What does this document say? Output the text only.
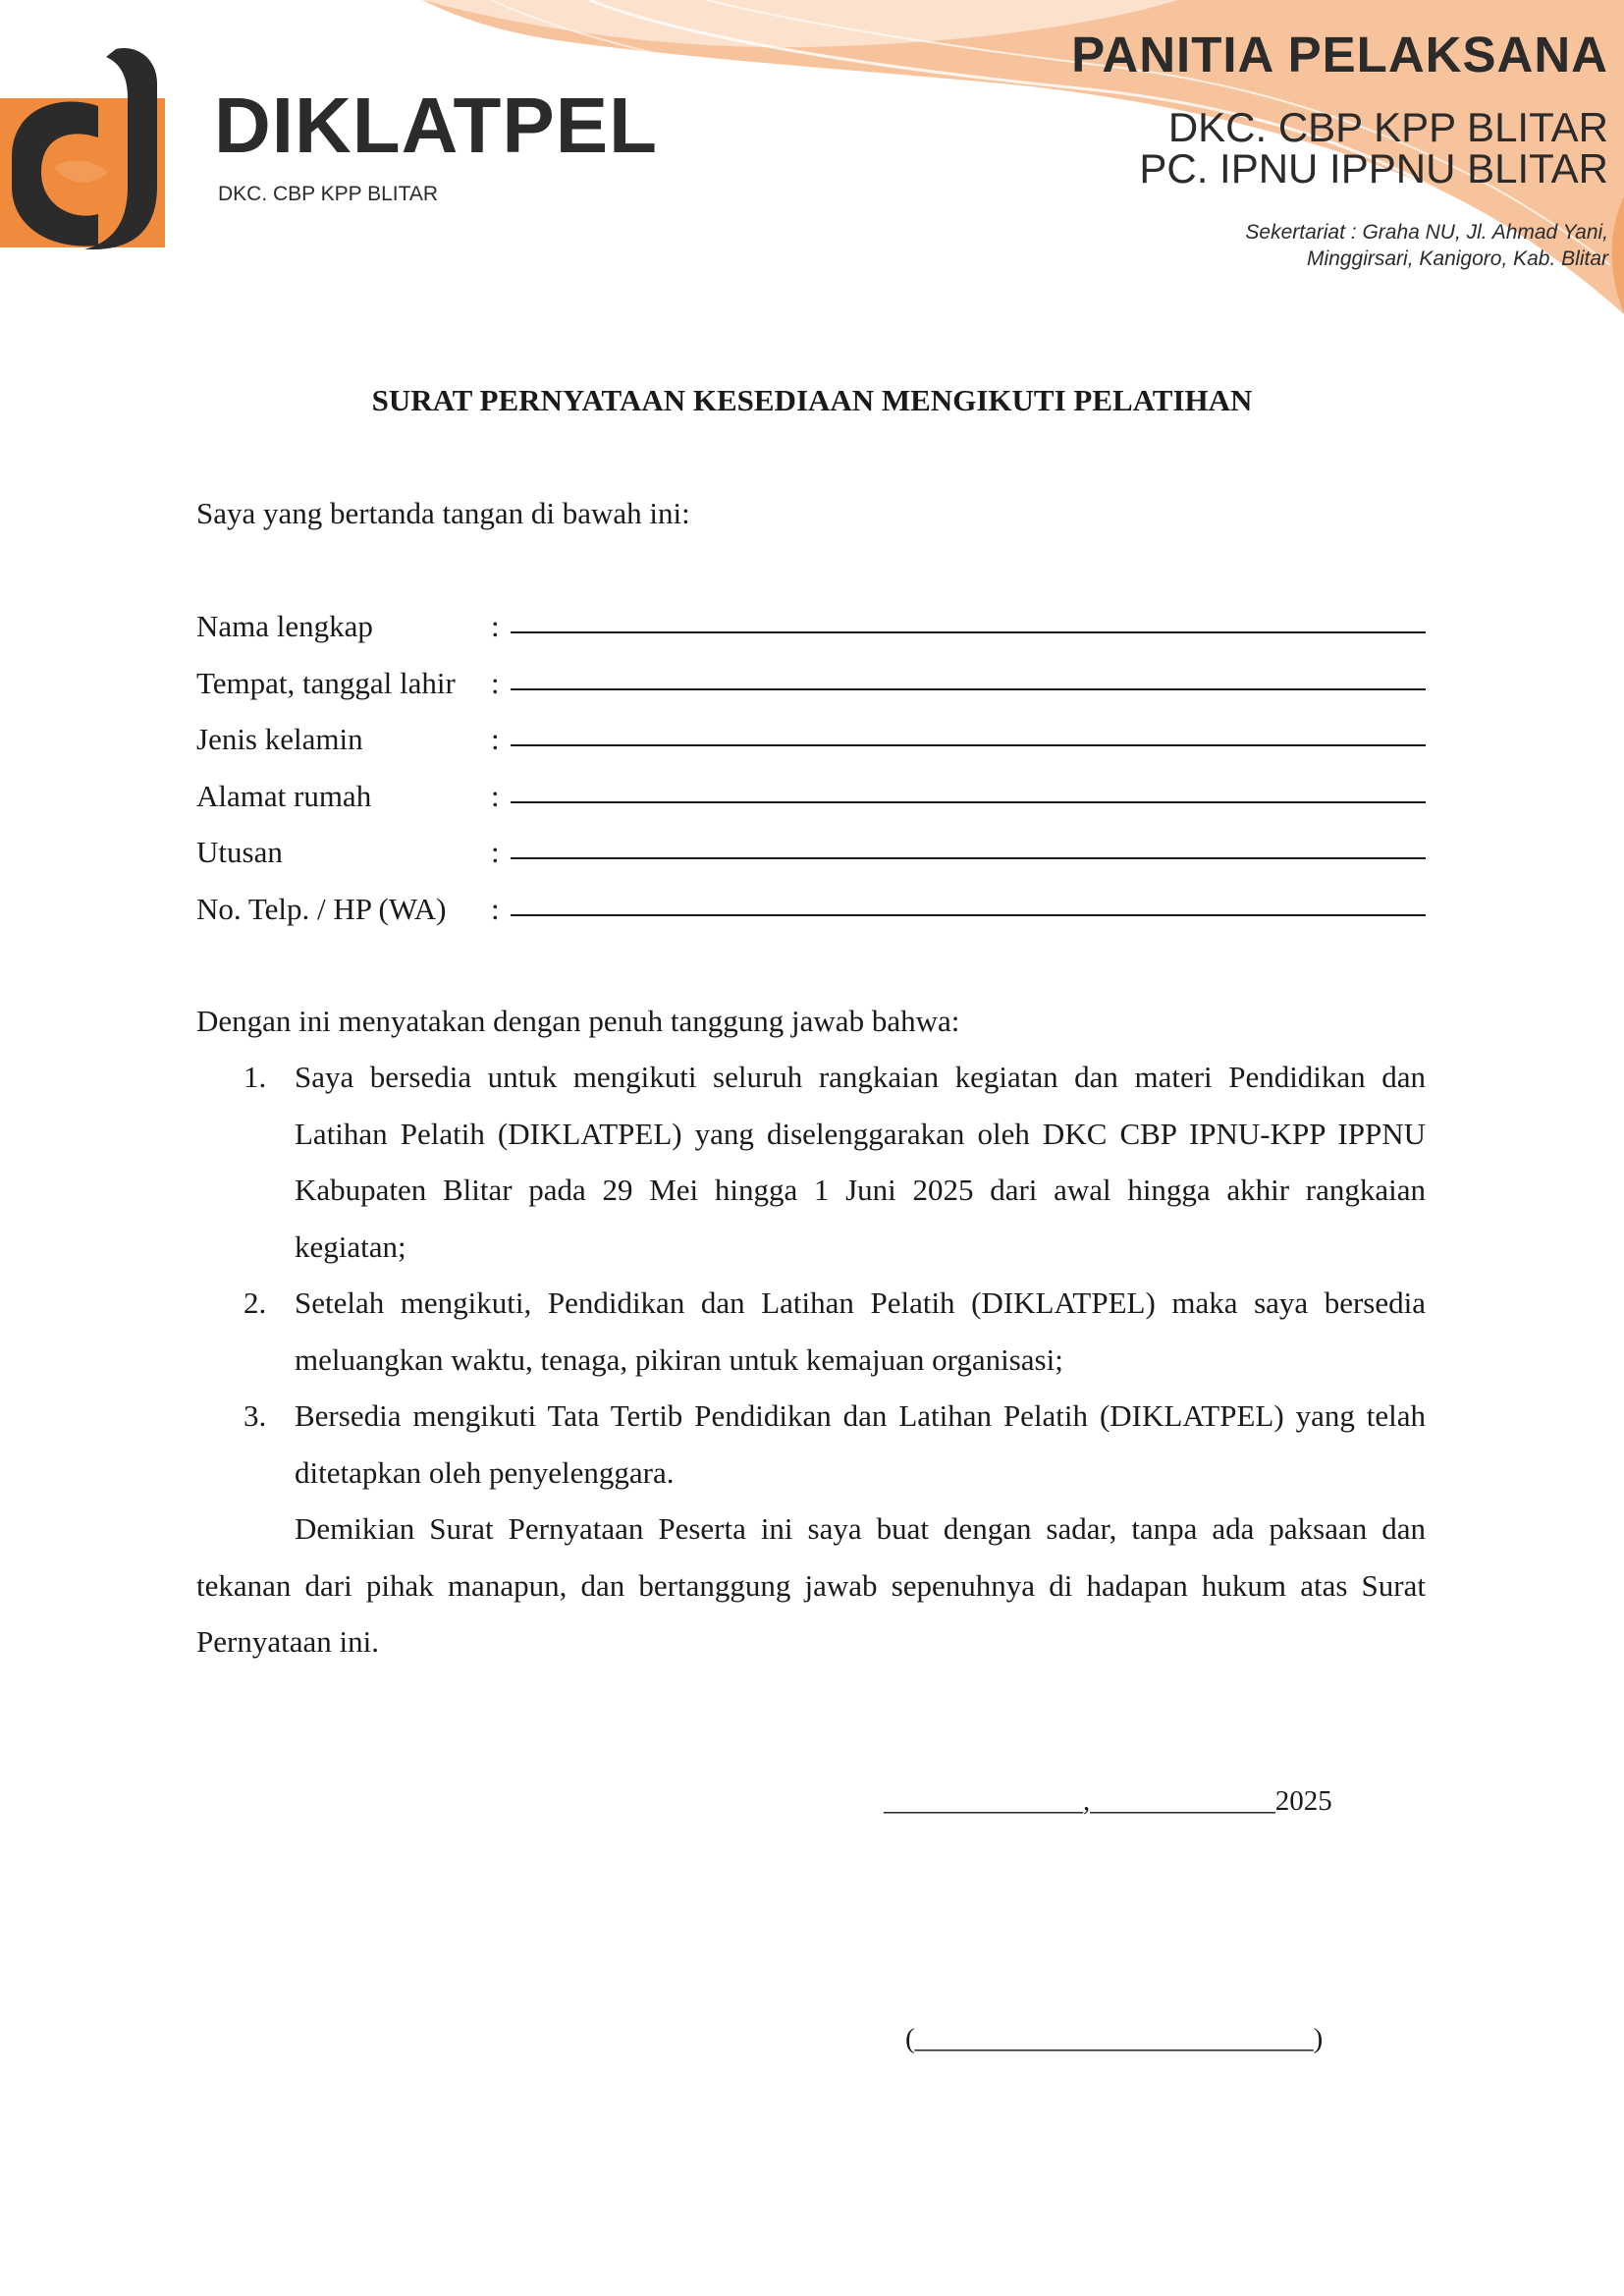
DIKLATPEL
DKC. CBP KPP BLITAR
PANITIA PELAKSANA
DKC. CBP KPP BLITAR
PC. IPNU IPPNU BLITAR
Sekertariat : Graha NU, Jl. Ahmad Yani,
Minggirsari, Kanigoro, Kab. Blitar
SURAT PERNYATAAN KESEDIAAN MENGIKUTI PELATIHAN
Saya yang bertanda tangan di bawah ini:
Nama lengkap	:
Tempat, tanggal lahir	:
Jenis kelamin	:
Alamat rumah	:
Utusan	:
No. Telp. / HP (WA)	:
Dengan ini menyatakan dengan penuh tanggung jawab bahwa:
1. Saya bersedia untuk mengikuti seluruh rangkaian kegiatan dan materi Pendidikan dan Latihan Pelatih (DIKLATPEL) yang diselenggarakan oleh DKC CBP IPNU-KPP IPPNU Kabupaten Blitar pada 29 Mei hingga 1 Juni 2025 dari awal hingga akhir rangkaian kegiatan;
2. Setelah mengikuti, Pendidikan dan Latihan Pelatih (DIKLATPEL) maka saya bersedia meluangkan waktu, tenaga, pikiran untuk kemajuan organisasi;
3. Bersedia mengikuti Tata Tertib Pendidikan dan Latihan Pelatih (DIKLATPEL) yang telah ditetapkan oleh penyelenggara.
Demikian Surat Pernyataan Peserta ini saya buat dengan sadar, tanpa ada paksaan dan tekanan dari pihak manapun, dan bertanggung jawab sepenuhnya di hadapan hukum atas Surat Pernyataan ini.
______________,_____________2025
(____________________________)
